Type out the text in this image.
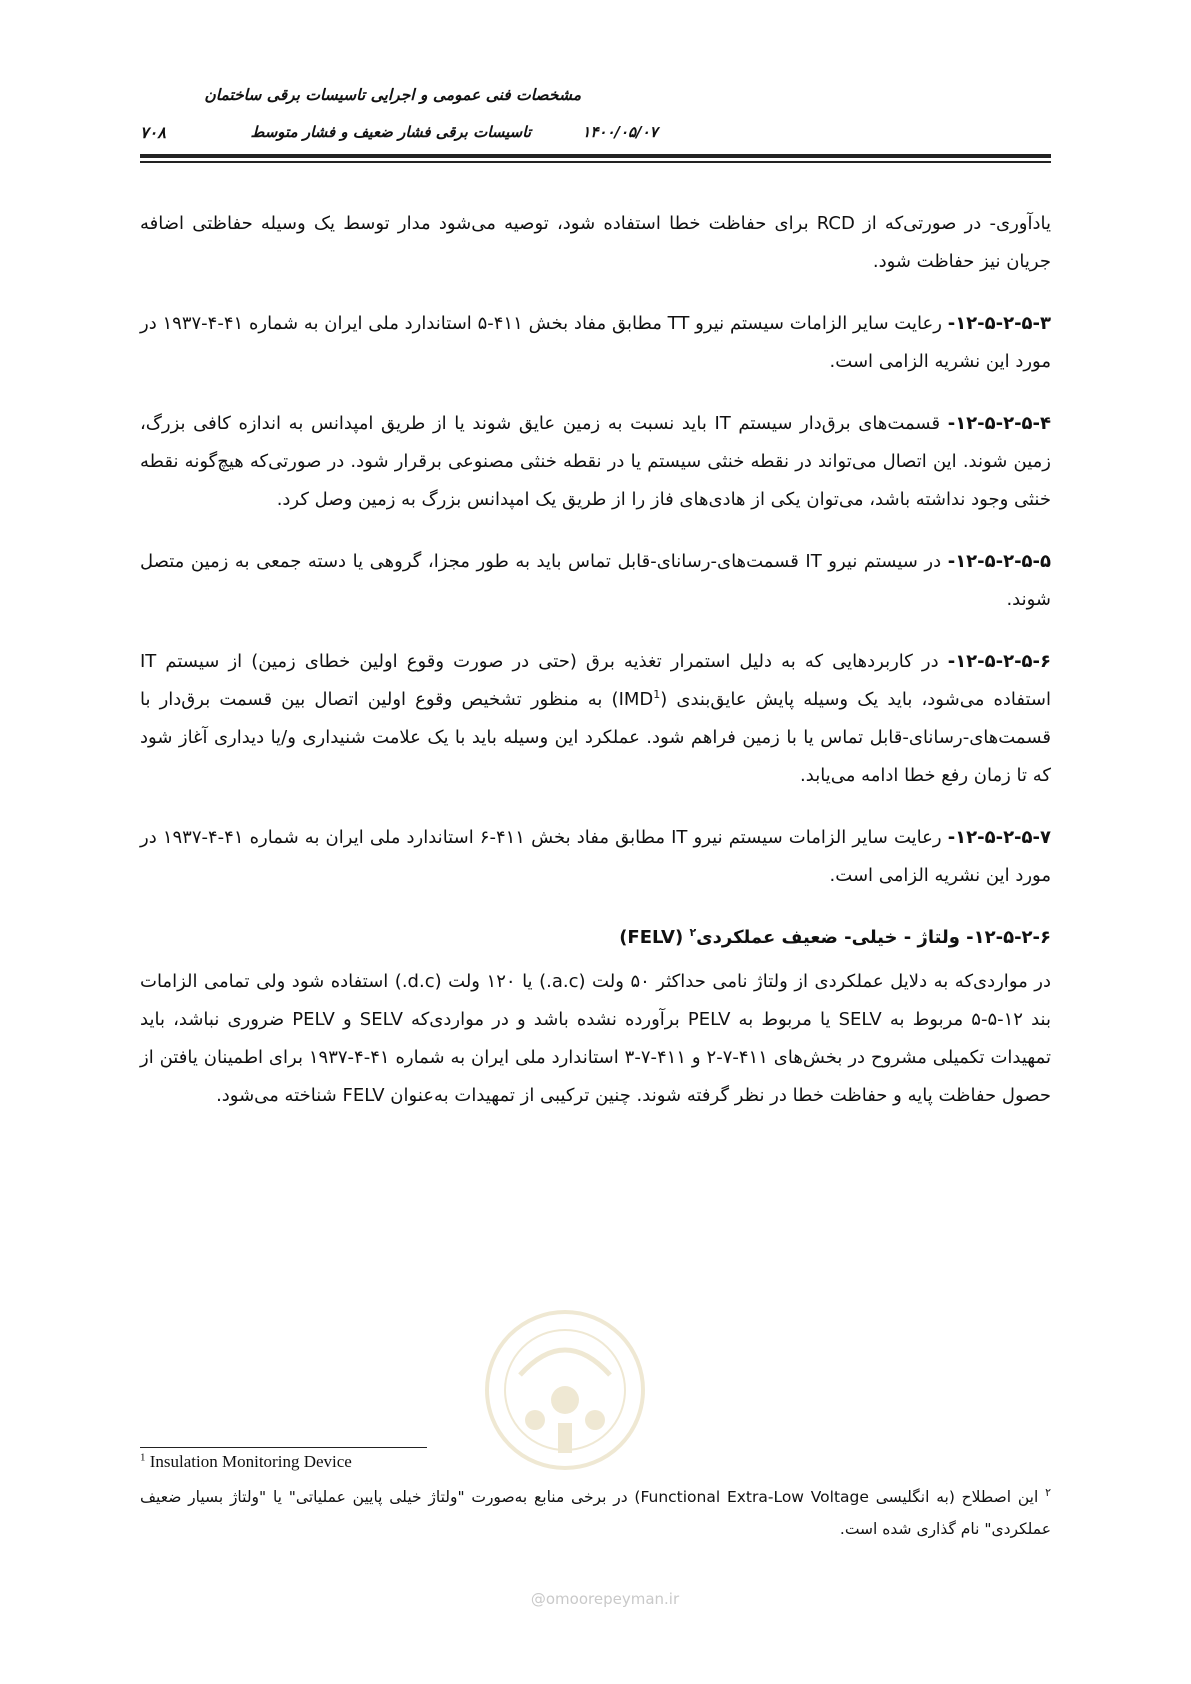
مشخصات فنی عمومی و اجرایی تاسیسات برقی ساختمان
تاسیسات برقی فشار ضعیف و فشار متوسط	۱۴۰۰/۰۵/۰۷
۷۰۸

یادآوری- در صورتی‌که از RCD برای حفاظت خطا استفاده شود، توصیه می‌شود مدار توسط یک وسیله حفاظتی اضافه جریان نیز حفاظت شود.

۱۲-۵-۲-۵-۳- رعایت سایر الزامات سیستم نیرو TT مطابق مفاد بخش ۴۱۱-۵ استاندارد ملی ایران به شماره ۴۱-۴-۱۹۳۷ در مورد این نشریه الزامی است.

۱۲-۵-۲-۵-۴- قسمت‌های برق‌دار سیستم IT باید نسبت به زمین عایق شوند یا از طریق امپدانس به اندازه کافی بزرگ، زمین شوند. این اتصال می‌تواند در نقطه خنثی سیستم یا در نقطه خنثی مصنوعی برقرار شود. در صورتی‌که هیچ‌گونه نقطه خنثی وجود نداشته باشد، می‌توان یکی از هادی‌های فاز را از طریق یک امپدانس بزرگ به زمین وصل کرد.

۱۲-۵-۲-۵-۵- در سیستم نیرو IT قسمت‌های-رسانای-قابل تماس باید به طور مجزا، گروهی یا دسته جمعی به زمین متصل شوند.

۱۲-۵-۲-۵-۶- در کاربردهایی که به دلیل استمرار تغذیه برق (حتی در صورت وقوع اولین خطای زمین) از سیستم IT استفاده می‌شود، باید یک وسیله پایش عایق‌بندی (IMD$^1$) به منظور تشخیص وقوع اولین اتصال بین قسمت برق‌دار با قسمت‌های-رسانای-قابل تماس یا با زمین فراهم شود. عملکرد این وسیله باید با یک علامت شنیداری و/یا دیداری آغاز شود که تا زمان رفع خطا ادامه می‌یابد.

۱۲-۵-۲-۵-۷- رعایت سایر الزامات سیستم نیرو IT مطابق مفاد بخش ۴۱۱-۶ استاندارد ملی ایران به شماره ۴۱-۴-۱۹۳۷ در مورد این نشریه الزامی است.

۱۲-۵-۲-۶- ولتاژ - خیلی- ضعیف عملکردی$^۲$ (FELV)

در مواردی‌که به دلایل عملکردی از ولتاژ نامی حداکثر ۵۰ ولت (a.c.) یا ۱۲۰ ولت (d.c.) استفاده شود ولی تمامی الزامات بند ۱۲-۵-۵ مربوط به SELV یا مربوط به PELV برآورده نشده باشد و در مواردی‌که SELV و PELV ضروری نباشد، باید تمهیدات تکمیلی مشروح در بخش‌های ۴۱۱-۷-۲ و ۴۱۱-۷-۳ استاندارد ملی ایران به شماره ۴۱-۴-۱۹۳۷ برای اطمینان یافتن از حصول حفاظت پایه و حفاظت خطا در نظر گرفته شوند. چنین ترکیبی از تمهیدات به‌عنوان FELV شناخته می‌شود.

@omoorepeyman.ir
$^1$ Insulation Monitoring Device
$^۲$ این اصطلاح (به انگلیسی Functional Extra-Low Voltage) در برخی منابع به‌صورت "ولتاژ خیلی پایین عملیاتی" یا "ولتاژ بسیار ضعیف عملکردی" نام گذاری شده است.
